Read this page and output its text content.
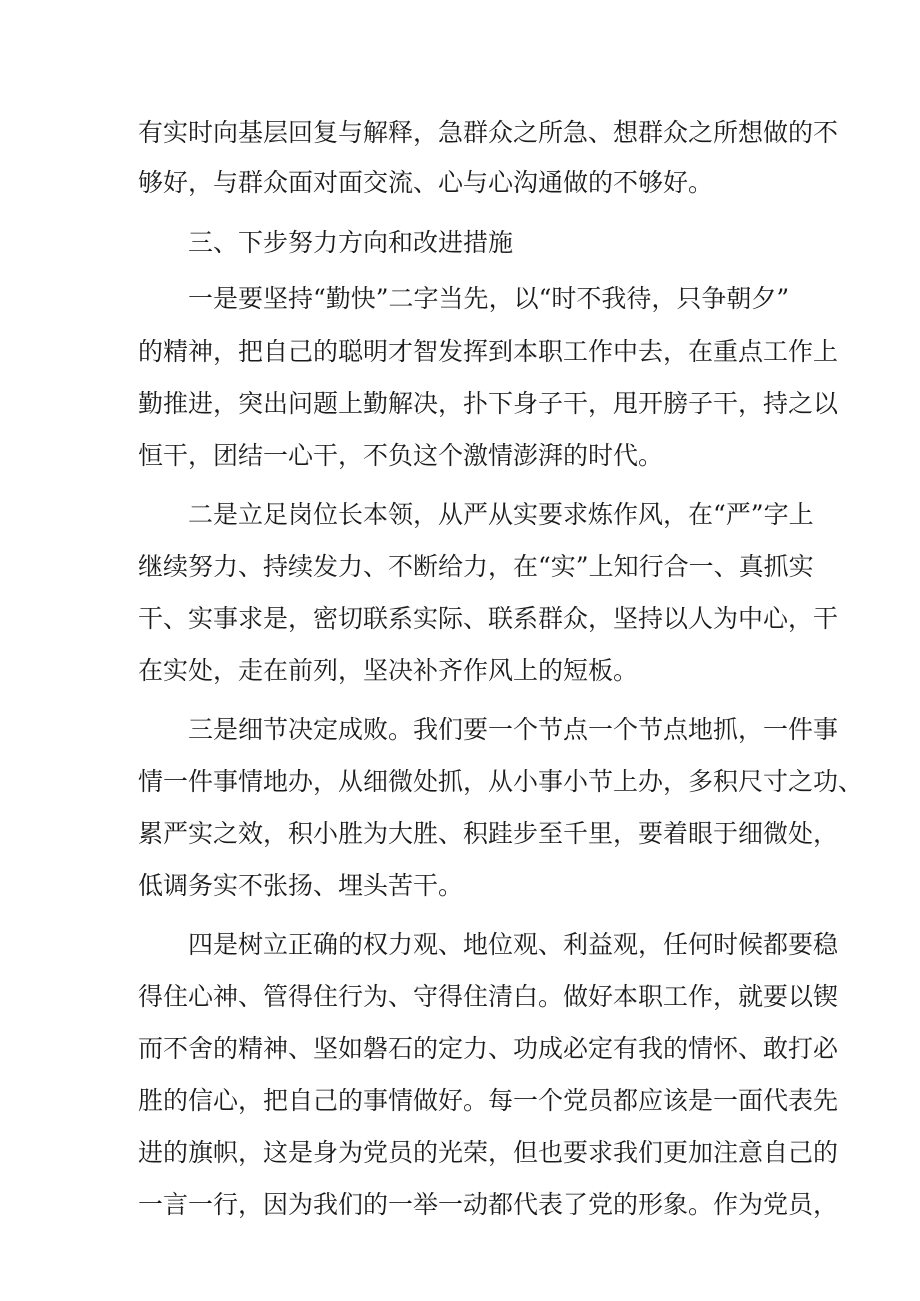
有实时向基层回复与解释，急群众之所急、想群众之所想做的不
够好，与群众面对面交流、心与心沟通做的不够好。
三、下步努力方向和改进措施
一是要坚持“勤快”二字当先，以“时不我待，只争朝夕”
的精神，把自己的聪明才智发挥到本职工作中去，在重点工作上
勤推进，突出问题上勤解决，扑下身子干，甩开膀子干，持之以
恒干，团结一心干，不负这个激情澎湃的时代。
二是立足岗位长本领，从严从实要求炼作风，在“严”字上
继续努力、持续发力、不断给力，在“实”上知行合一、真抓实
干、实事求是，密切联系实际、联系群众，坚持以人为中心，干
在实处，走在前列，坚决补齐作风上的短板。
三是细节决定成败。我们要一个节点一个节点地抓，一件事
情一件事情地办，从细微处抓，从小事小节上办，多积尺寸之功、
累严实之效，积小胜为大胜、积跬步至千里，要着眼于细微处，
低调务实不张扬、埋头苦干。
四是树立正确的权力观、地位观、利益观，任何时候都要稳
得住心神、管得住行为、守得住清白。做好本职工作，就要以锲
而不舍的精神、坚如磐石的定力、功成必定有我的情怀、敢打必
胜的信心，把自己的事情做好。每一个党员都应该是一面代表先
进的旗帜，这是身为党员的光荣，但也要求我们更加注意自己的
一言一行，因为我们的一举一动都代表了党的形象。作为党员，
